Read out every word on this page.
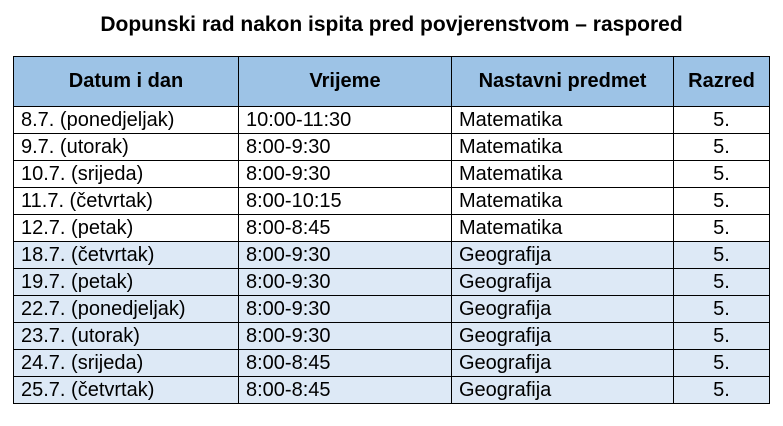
Dopunski rad nakon ispita pred povjerenstvom – raspored
Datum i dan	Vrijeme	Nastavni predmet	Razred
8.7. (ponedjeljak)	10:00-11:30	Matematika	5.
9.7. (utorak)	8:00-9:30	Matematika	5.
10.7. (srijeda)	8:00-9:30	Matematika	5.
11.7. (četvrtak)	8:00-10:15	Matematika	5.
12.7. (petak)	8:00-8:45	Matematika	5.
18.7. (četvrtak)	8:00-9:30	Geografija	5.
19.7. (petak)	8:00-9:30	Geografija	5.
22.7. (ponedjeljak)	8:00-9:30	Geografija	5.
23.7. (utorak)	8:00-9:30	Geografija	5.
24.7. (srijeda)	8:00-8:45	Geografija	5.
25.7. (četvrtak)	8:00-8:45	Geografija	5.
